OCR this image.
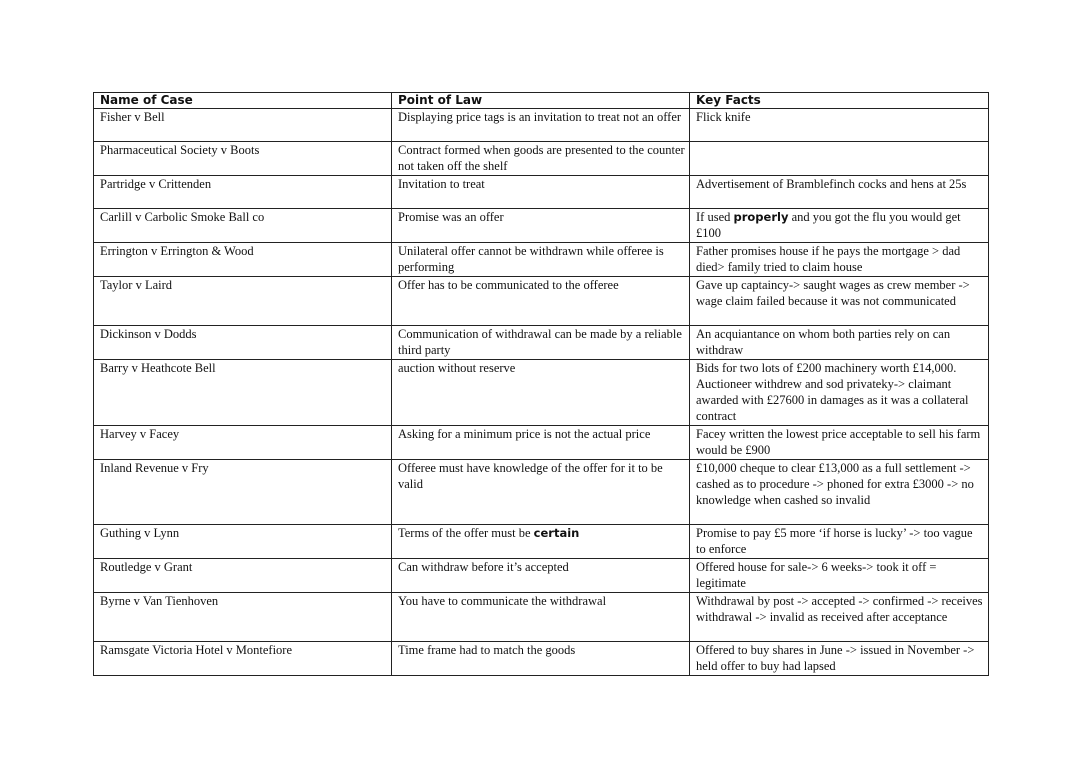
Name of Case	Point of Law	Key Facts
Fisher v Bell	Displaying price tags is an invitation to treat not an offer	Flick knife
Pharmaceutical Society v Boots	Contract formed when goods are presented to the counter not taken off the shelf	
Partridge v Crittenden	Invitation to treat	Advertisement of Bramblefinch cocks and hens at 25s
Carlill v Carbolic Smoke Ball co	Promise was an offer	If used properly and you got the flu you would get £100
Errington v Errington & Wood	Unilateral offer cannot be withdrawn while offeree is performing	Father promises house if he pays the mortgage > dad died> family tried to claim house
Taylor v Laird	Offer has to be communicated to the offeree	Gave up captaincy-> saught wages as crew member -> wage claim failed because it was not communicated
Dickinson v Dodds	Communication of withdrawal can be made by a reliable third party	An acquiantance on whom both parties rely on can withdraw
Barry v Heathcote Bell	auction without reserve	Bids for two lots of £200 machinery worth £14,000. Auctioneer withdrew and sod privateky-> claimant awarded with £27600 in damages as it was a collateral contract
Harvey v Facey	Asking for a minimum price is not the actual price	Facey written the lowest price acceptable to sell his farm would be £900
Inland Revenue v Fry	Offeree must have knowledge of the offer for it to be valid	£10,000 cheque to clear £13,000 as a full settlement -> cashed as to procedure -> phoned for extra £3000 -> no knowledge when cashed so invalid
Guthing v Lynn	Terms of the offer must be certain	Promise to pay £5 more ‘if horse is lucky’ -> too vague to enforce
Routledge v Grant	Can withdraw before it’s accepted	Offered house for sale-> 6 weeks-> took it off = legitimate
Byrne v Van Tienhoven	You have to communicate the withdrawal	Withdrawal by post -> accepted -> confirmed -> receives withdrawal -> invalid as received after acceptance
Ramsgate Victoria Hotel v Montefiore	Time frame had to match the goods	Offered to buy shares in June -> issued in November -> held offer to buy had lapsed
